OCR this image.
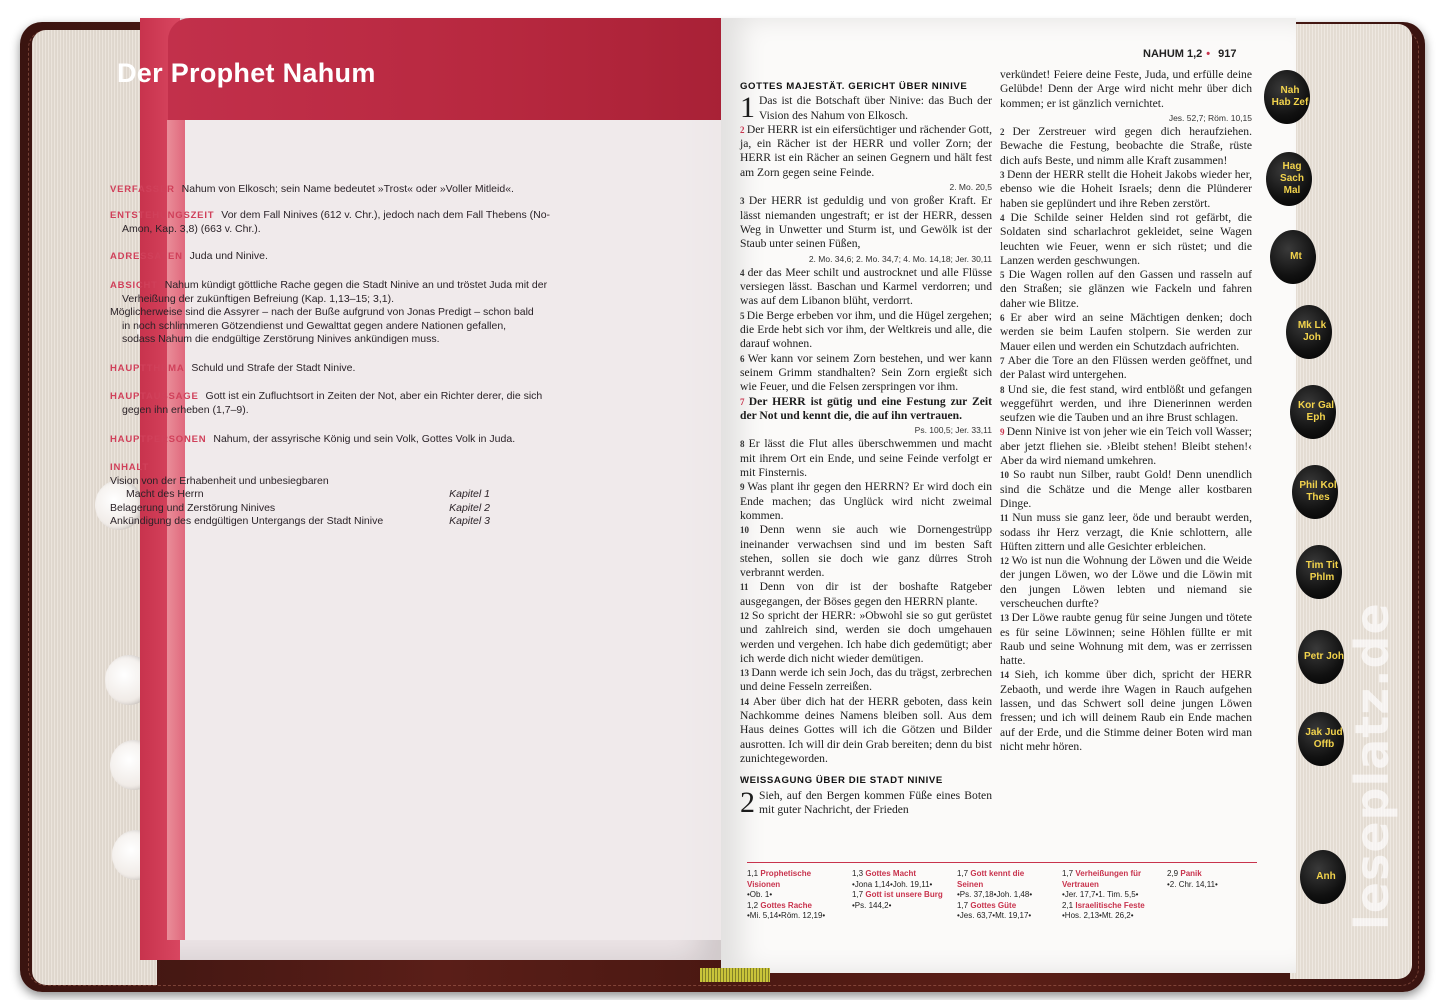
Der Prophet Nahum
VERFASSER Nahum von Elkosch; sein Name bedeutet »Trost« oder »Voller Mitleid«.
ENTSTEHUNGSZEIT Vor dem Fall Ninives (612 v. Chr.), jedoch nach dem Fall Thebens (No-
Amon, Kap. 3,8) (663 v. Chr.).
ADRESSATEN Juda und Ninive.
ABSICHT Nahum kündigt göttliche Rache gegen die Stadt Ninive an und tröstet Juda mit der
Verheißung der zukünftigen Befreiung (Kap. 1,13–15; 3,1).
Möglicherweise sind die Assyrer – nach der Buße aufgrund von Jonas Predigt – schon bald
in noch schlimmeren Götzendienst und Gewalttat gegen andere Nationen gefallen,
sodass Nahum die endgültige Zerstörung Ninives ankündigen muss.
HAUPTTHEMA Schuld und Strafe der Stadt Ninive.
HAUPTAUSSAGE Gott ist ein Zufluchtsort in Zeiten der Not, aber ein Richter derer, die sich
gegen ihn erheben (1,7–9).
HAUPTPERSONEN Nahum, der assyrische König und sein Volk, Gottes Volk in Juda.
INHALT
Vision von der Erhabenheit und unbesiegbaren
Macht des Herrn	Kapitel 1
Belagerung und Zerstörung Ninives	Kapitel 2
Ankündigung des endgültigen Untergangs der Stadt Ninive	Kapitel 3
NAHUM 1,2 • 917

GOTTES MAJESTÄT. GERICHT ÜBER NINIVE

1 Das ist die Botschaft über Ninive: das Buch der Vision des Nahum von Elkosch.

2 Der HERR ist ein eifersüchtiger und rächender Gott, ja, ein Rächer ist der HERR und voller Zorn; der HERR ist ein Rächer an seinen Gegnern und hält fest am Zorn gegen seine Feinde.
2. Mo. 20,5

3 Der HERR ist geduldig und von großer Kraft. Er lässt niemanden ungestraft; er ist der HERR, dessen Weg in Unwetter und Sturm ist, und Gewölk ist der Staub unter seinen Füßen,
2. Mo. 34,6; 2. Mo. 34,7; 4. Mo. 14,18; Jer. 30,11

4 der das Meer schilt und austrocknet und alle Flüsse versiegen lässt. Baschan und Karmel verdorren; und was auf dem Libanon blüht, verdorrt.

5 Die Berge erbeben vor ihm, und die Hügel zergehen; die Erde hebt sich vor ihm, der Weltkreis und alle, die darauf wohnen.

6 Wer kann vor seinem Zorn bestehen, und wer kann seinem Grimm standhalten? Sein Zorn ergießt sich wie Feuer, und die Felsen zerspringen vor ihm.

7 Der HERR ist gütig und eine Festung zur Zeit der Not und kennt die, die auf ihn vertrauen.
Ps. 100,5; Jer. 33,11

8 Er lässt die Flut alles überschwemmen und macht mit ihrem Ort ein Ende, und seine Feinde verfolgt er mit Finsternis.

9 Was plant ihr gegen den HERRN? Er wird doch ein Ende machen; das Unglück wird nicht zweimal kommen.

10 Denn wenn sie auch wie Dornengestrüpp ineinander verwachsen sind und im besten Saft stehen, sollen sie doch wie ganz dürres Stroh verbrannt werden.

11 Denn von dir ist der boshafte Ratgeber ausgegangen, der Böses gegen den HERRN plante.

12 So spricht der HERR: »Obwohl sie so gut gerüstet und zahlreich sind, werden sie doch umgehauen werden und vergehen. Ich habe dich gedemütigt; aber ich werde dich nicht wieder demütigen.

13 Dann werde ich sein Joch, das du trägst, zerbrechen und deine Fesseln zerreißen.

14 Aber über dich hat der HERR geboten, dass kein Nachkomme deines Namens bleiben soll. Aus dem Haus deines Gottes will ich die Götzen und Bilder ausrotten. Ich will dir dein Grab bereiten; denn du bist zunichtegeworden.

WEISSAGUNG ÜBER DIE STADT NINIVE

2 Sieh, auf den Bergen kommen Füße eines Boten mit guter Nachricht, der Frieden

verkündet! Feiere deine Feste, Juda, und erfülle deine Gelübde! Denn der Arge wird nicht mehr über dich kommen; er ist gänzlich vernichtet.
Jes. 52,7; Röm. 10,15

2 Der Zerstreuer wird gegen dich heraufziehen. Bewache die Festung, beobachte die Straße, rüste dich aufs Beste, und nimm alle Kraft zusammen!

3 Denn der HERR stellt die Hoheit Jakobs wieder her, ebenso wie die Hoheit Israels; denn die Plünderer haben sie geplündert und ihre Reben zerstört.

4 Die Schilde seiner Helden sind rot gefärbt, die Soldaten sind scharlachrot gekleidet, seine Wagen leuchten wie Feuer, wenn er sich rüstet; und die Lanzen werden geschwungen.

5 Die Wagen rollen auf den Gassen und rasseln auf den Straßen; sie glänzen wie Fackeln und fahren daher wie Blitze.

6 Er aber wird an seine Mächtigen denken; doch werden sie beim Laufen stolpern. Sie werden zur Mauer eilen und werden ein Schutzdach aufrichten.

7 Aber die Tore an den Flüssen werden geöffnet, und der Palast wird untergehen.

8 Und sie, die fest stand, wird entblößt und gefangen weggeführt werden, und ihre Dienerinnen werden seufzen wie die Tauben und an ihre Brust schlagen.

9 Denn Ninive ist von jeher wie ein Teich voll Wasser; aber jetzt fliehen sie. ›Bleibt stehen! Bleibt stehen!‹ Aber da wird niemand umkehren.

10 So raubt nun Silber, raubt Gold! Denn unendlich sind die Schätze und die Menge aller kostbaren Dinge.

11 Nun muss sie ganz leer, öde und beraubt werden, sodass ihr Herz verzagt, die Knie schlottern, alle Hüften zittern und alle Gesichter erbleichen.

12 Wo ist nun die Wohnung der Löwen und die Weide der jungen Löwen, wo der Löwe und die Löwin mit den jungen Löwen lebten und niemand sie verscheuchen durfte?

13 Der Löwe raubte genug für seine Jungen und tötete es für seine Löwinnen; seine Höhlen füllte er mit Raub und seine Wohnung mit dem, was er zerrissen hatte.

14 Sieh, ich komme über dich, spricht der HERR Zebaoth, und werde ihre Wagen in Rauch aufgehen lassen, und das Schwert soll deine jungen Löwen fressen; und ich will deinem Raub ein Ende machen auf der Erde, und die Stimme deiner Boten wird man nicht mehr hören.

1,1 Prophetische Visionen
•Ob. 1•
1,2 Gottes Rache
•Mi. 5,14•Röm. 12,19•
1,3 Gottes Macht
•Jona 1,14•Joh. 19,11•
1,7 Gott ist unsere Burg
•Ps. 144,2•
1,7 Gott kennt die Seinen
•Ps. 37,18•Joh. 1,48•
1,7 Gottes Güte
•Jes. 63,7•Mt. 19,17•
1,7 Verheißungen für Vertrauen
•Jer. 17,7•1. Tim. 5,5•
2,1 Israelitische Feste
•Hos. 2,13•Mt. 26,2•
2,9 Panik
•2. Chr. 14,11•
Nah Hab Zef
Hag Sach Mal
Mt
Mk Lk Joh
Kor Gal Eph
Phil Kol Thes
Tim Tit Phlm
Petr Joh
Jak Jud Offb
Anh leseplatz.de
